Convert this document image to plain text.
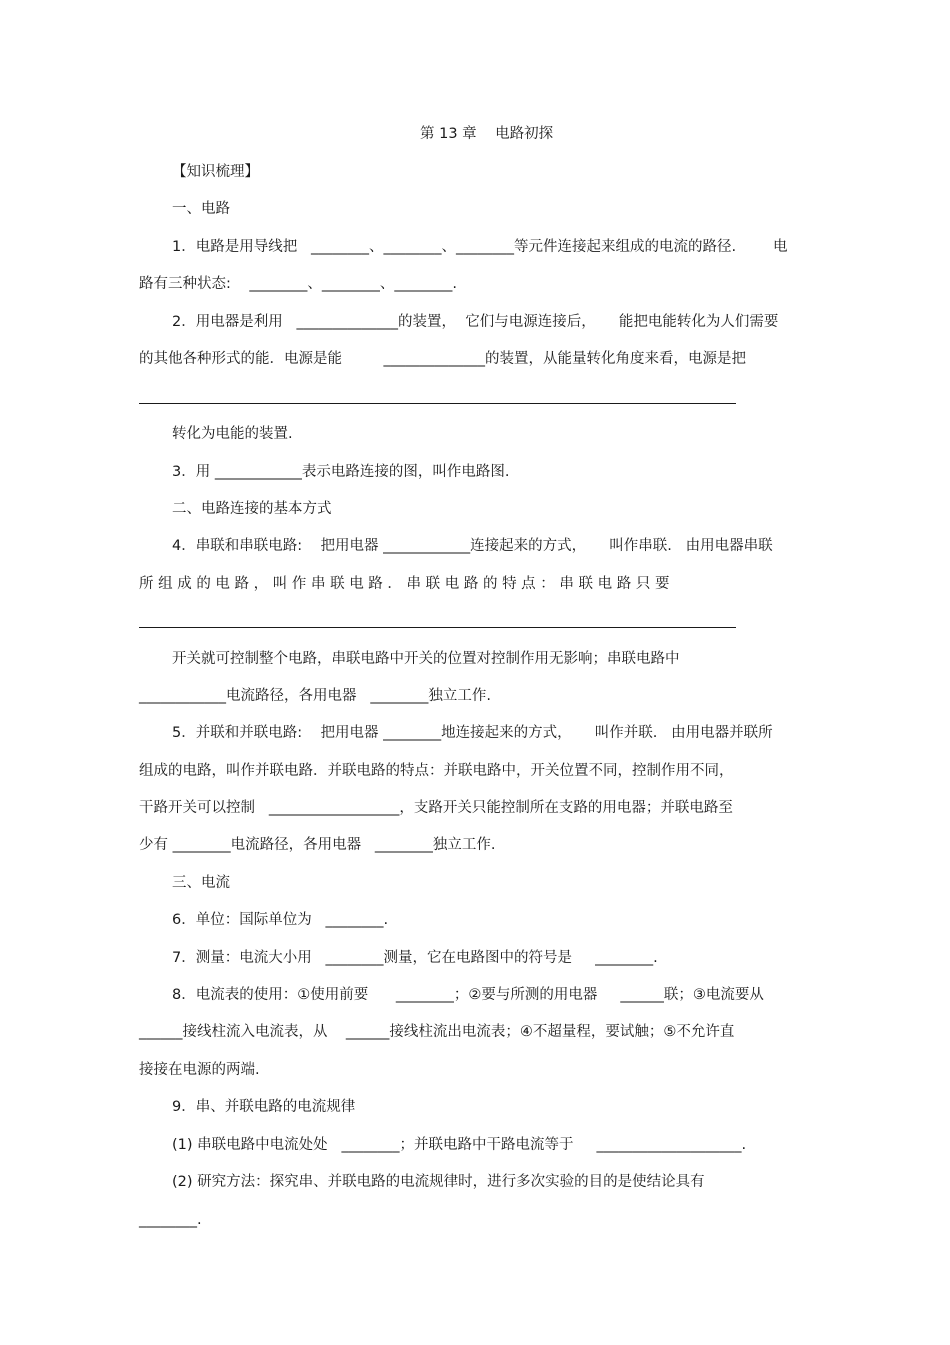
第 13 章    电路初探
【知识梳理】
一、电路
1．电路是用导线把   ________、________、________等元件连接起来组成的电流的路径.        电
路有三种状态:    ________、________、________.
2．用电器是利用   ______________的装置，  它们与电源连接后，     能把电能转化为人们需要
的其他各种形式的能．电源是能         ______________的装置，从能量转化角度来看，电源是把
转化为电能的装置.
3．用 ____________表示电路连接的图，叫作电路图.
二、电路连接的基本方式
4．串联和串联电路:    把用电器 ____________连接起来的方式，     叫作串联.   由用电器串联
所 组 成 的 电 路 ， 叫 作 串 联 电 路 ． 串 联 电 路 的 特 点 ： 串 联 电 路 只 要
开关就可控制整个电路，串联电路中开关的位置对控制作用无影响；串联电路中
____________电流路径，各用电器   ________独立工作.
5．并联和并联电路:    把用电器 ________地连接起来的方式，     叫作并联.   由用电器并联所
组成的电路，叫作并联电路．并联电路的特点：并联电路中，开关位置不同，控制作用不同，
干路开关可以控制   __________________，支路开关只能控制所在支路的用电器；并联电路至
少有 ________电流路径，各用电器   ________独立工作.
三、电流
6．单位：国际单位为   ________.
7．测量：电流大小用   ________测量，它在电路图中的符号是     ________.
8．电流表的使用：①使用前要      ________；②要与所测的用电器     ______联；③电流要从
______接线柱流入电流表，从    ______接线柱流出电流表；④不超量程，要试触；⑤不允许直
接接在电源的两端.
9．串、并联电路的电流规律
(1) 串联电路中电流处处   ________；并联电路中干路电流等于     ____________________.
(2) 研究方法：探究串、并联电路的电流规律时，进行多次实验的目的是使结论具有
________.
